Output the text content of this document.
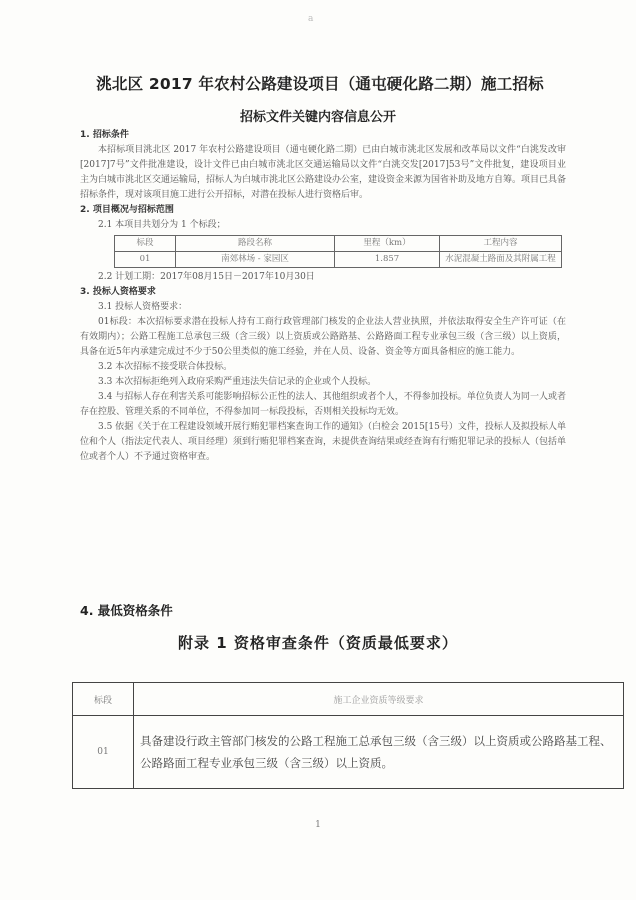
a
洮北区 2017 年农村公路建设项目（通屯硬化路二期）施工招标
招标文件关键内容信息公开
1. 招标条件
本招标项目洮北区 2017 年农村公路建设项目（通屯硬化路二期）已由白城市洮北区发展和改革局以文件“白洮发改审[2017]7号”文件批准建设，设计文件已由白城市洮北区交通运输局以文件“白洮交发[2017]53号”文件批复，建设项目业主为白城市洮北区交通运输局，招标人为白城市洮北区公路建设办公室，建设资金来源为国省补助及地方自筹。项目已具备招标条件，现对该项目施工进行公开招标，对潜在投标人进行资格后审。
2. 项目概况与招标范围
2.1 本项目共划分为 1 个标段；
标段	路段名称	里程（km）	工程内容
01	南郊林场 - 家园区	1.857	水泥混凝土路面及其附属工程
2.2 计划工期：2017年08月15日－2017年10月30日
3. 投标人资格要求
3.1 投标人资格要求：
01标段：本次招标要求潜在投标人持有工商行政管理部门核发的企业法人营业执照，并依法取得安全生产许可证（在有效期内）；公路工程施工总承包三级（含三级）以上资质或公路路基、公路路面工程专业承包三级（含三级）以上资质，具备在近5年内承建完成过不少于50公里类似的施工经验，并在人员、设备、资金等方面具备相应的施工能力。
3.2 本次招标不接受联合体投标。
3.3 本次招标拒绝列入政府采购严重违法失信记录的企业或个人投标。
3.4 与招标人存在利害关系可能影响招标公正性的法人、其他组织或者个人，不得参加投标。单位负责人为同一人或者存在控股、管理关系的不同单位，不得参加同一标段投标，否则相关投标均无效。
3.5 依据《关于在工程建设领域开展行贿犯罪档案查询工作的通知》（白检会 2015[15号）文件，投标人及拟投标人单位和个人（指法定代表人、项目经理）须到行贿犯罪档案查询，未提供查询结果或经查询有行贿犯罪记录的投标人（包括单位或者个人）不予通过资格审查。
4. 最低资格条件
附录 1 资格审查条件（资质最低要求）
标段	施工企业资质等级要求
01	具备建设行政主管部门核发的公路工程施工总承包三级（含三级）以上资质或公路路基工程、公路路面工程专业承包三级（含三级）以上资质。
1
